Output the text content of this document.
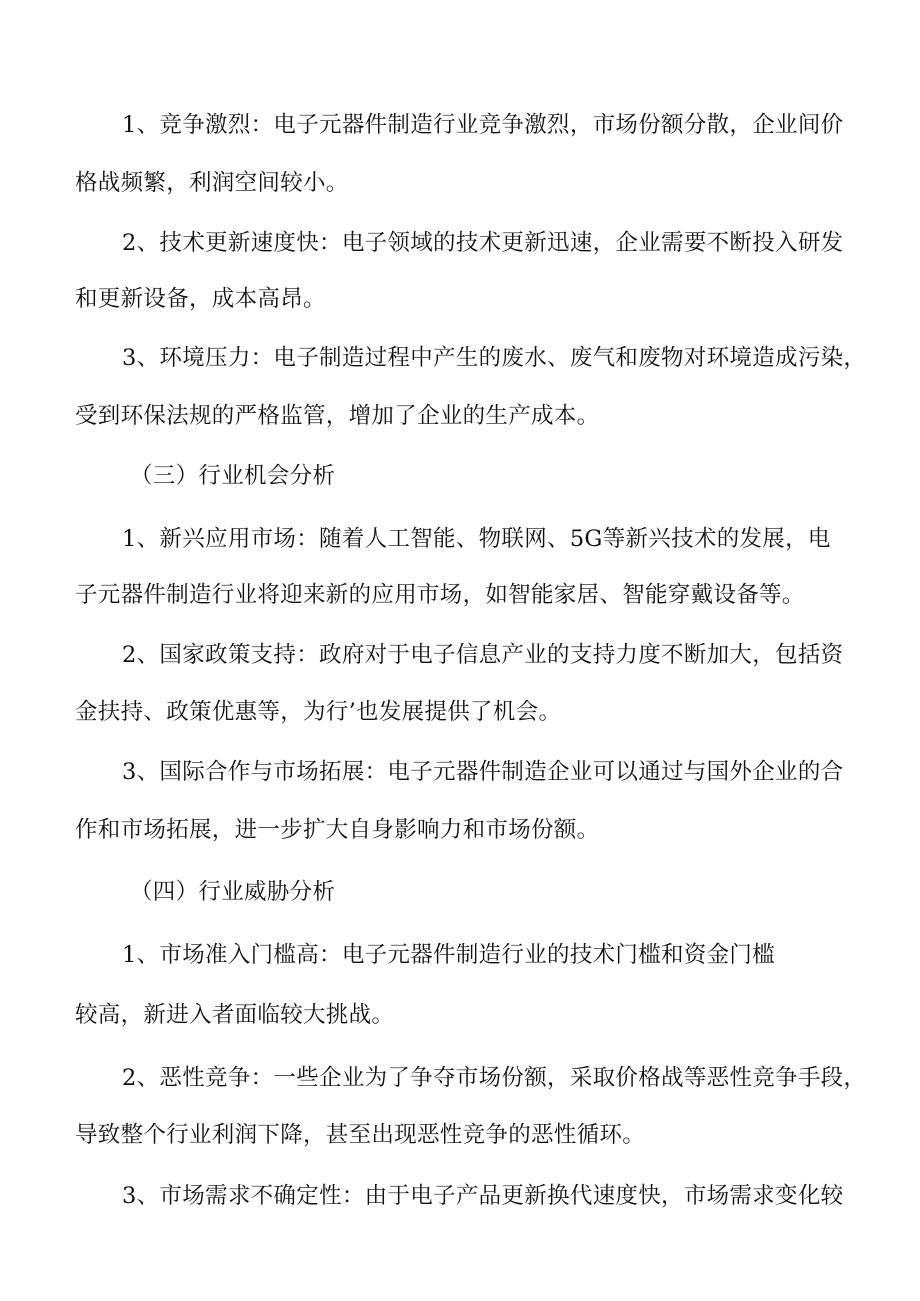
1、竞争激烈：电子元器件制造行业竞争激烈，市场份额分散，企业间价

格战频繁，利润空间较小。

2、技术更新速度快：电子领域的技术更新迅速，企业需要不断投入研发

和更新设备，成本高昂。

3、环境压力：电子制造过程中产生的废水、废气和废物对环境造成污染，

受到环保法规的严格监管，增加了企业的生产成本。

（三）行业机会分析

1、新兴应用市场：随着人工智能、物联网、5G等新兴技术的发展，电

子元器件制造行业将迎来新的应用市场，如智能家居、智能穿戴设备等。

2、国家政策支持：政府对于电子信息产业的支持力度不断加大，包括资

金扶持、政策优惠等，为行’也发展提供了机会。

3、国际合作与市场拓展：电子元器件制造企业可以通过与国外企业的合

作和市场拓展，进一步扩大自身影响力和市场份额。

（四）行业威胁分析

1、市场准入门槛高：电子元器件制造行业的技术门槛和资金门槛

较高，新进入者面临较大挑战。

2、恶性竞争：一些企业为了争夺市场份额，采取价格战等恶性竞争手段，

导致整个行业利润下降，甚至出现恶性竞争的恶性循环。

3、市场需求不确定性：由于电子产品更新换代速度快，市场需求变化较
